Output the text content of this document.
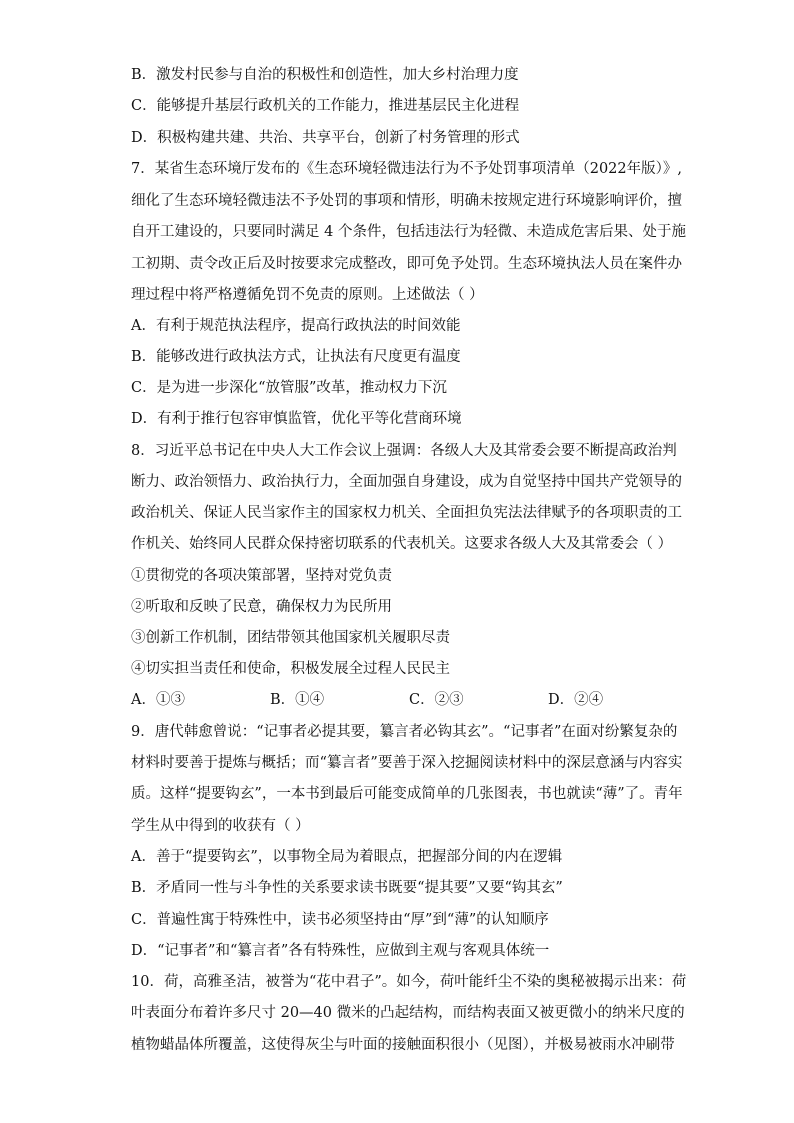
B．激发村民参与自治的积极性和创造性，加大乡村治理力度
C．能够提升基层行政机关的工作能力，推进基层民主化进程
D．积极构建共建、共治、共享平台，创新了村务管理的形式
7．某省生态环境厅发布的《生态环境轻微违法行为不予处罚事项清单（2022年版）》,
细化了生态环境轻微违法不予处罚的事项和情形，明确未按规定进行环境影响评价，擅
自开工建设的，只要同时满足 4 个条件，包括违法行为轻微、未造成危害后果、处于施
工初期、责令改正后及时按要求完成整改，即可免予处罚。生态环境执法人员在案件办
理过程中将严格遵循免罚不免责的原则。上述做法（ ）
A．有利于规范执法程序，提高行政执法的时间效能
B．能够改进行政执法方式，让执法有尺度更有温度
C．是为进一步深化“放管服”改革，推动权力下沉
D．有利于推行包容审慎监管，优化平等化营商环境
8．习近平总书记在中央人大工作会议上强调：各级人大及其常委会要不断提高政治判
断力、政治领悟力、政治执行力，全面加强自身建设，成为自觉坚持中国共产党领导的
政治机关、保证人民当家作主的国家权力机关、全面担负宪法法律赋予的各项职责的工
作机关、始终同人民群众保持密切联系的代表机关。这要求各级人大及其常委会（ ）
①贯彻党的各项决策部署，坚持对党负责
②听取和反映了民意，确保权力为民所用
③创新工作机制，团结带领其他国家机关履职尽责
④切实担当责任和使命，积极发展全过程人民民主
A．①③	B．①④	C．②③	D．②④
9．唐代韩愈曾说：“记事者必提其要，纂言者必钩其玄”。“记事者”在面对纷繁复杂的
材料时要善于提炼与概括；而“纂言者”要善于深入挖掘阅读材料中的深层意涵与内容实
质。这样“提要钩玄”，一本书到最后可能变成简单的几张图表，书也就读“薄”了。青年
学生从中得到的收获有（ ）
A．善于“提要钩玄”，以事物全局为着眼点，把握部分间的内在逻辑
B．矛盾同一性与斗争性的关系要求读书既要“提其要”又要“钩其玄”
C．普遍性寓于特殊性中，读书必须坚持由“厚”到“薄”的认知顺序
D．“记事者”和“纂言者”各有特殊性，应做到主观与客观具体统一
10．荷，高雅圣洁，被誉为“花中君子”。如今，荷叶能纤尘不染的奥秘被揭示出来：荷
叶表面分布着许多尺寸 20—40 微米的凸起结构，而结构表面又被更微小的纳米尺度的
植物蜡晶体所覆盖，这使得灰尘与叶面的接触面积很小（见图），并极易被雨水冲刷带
